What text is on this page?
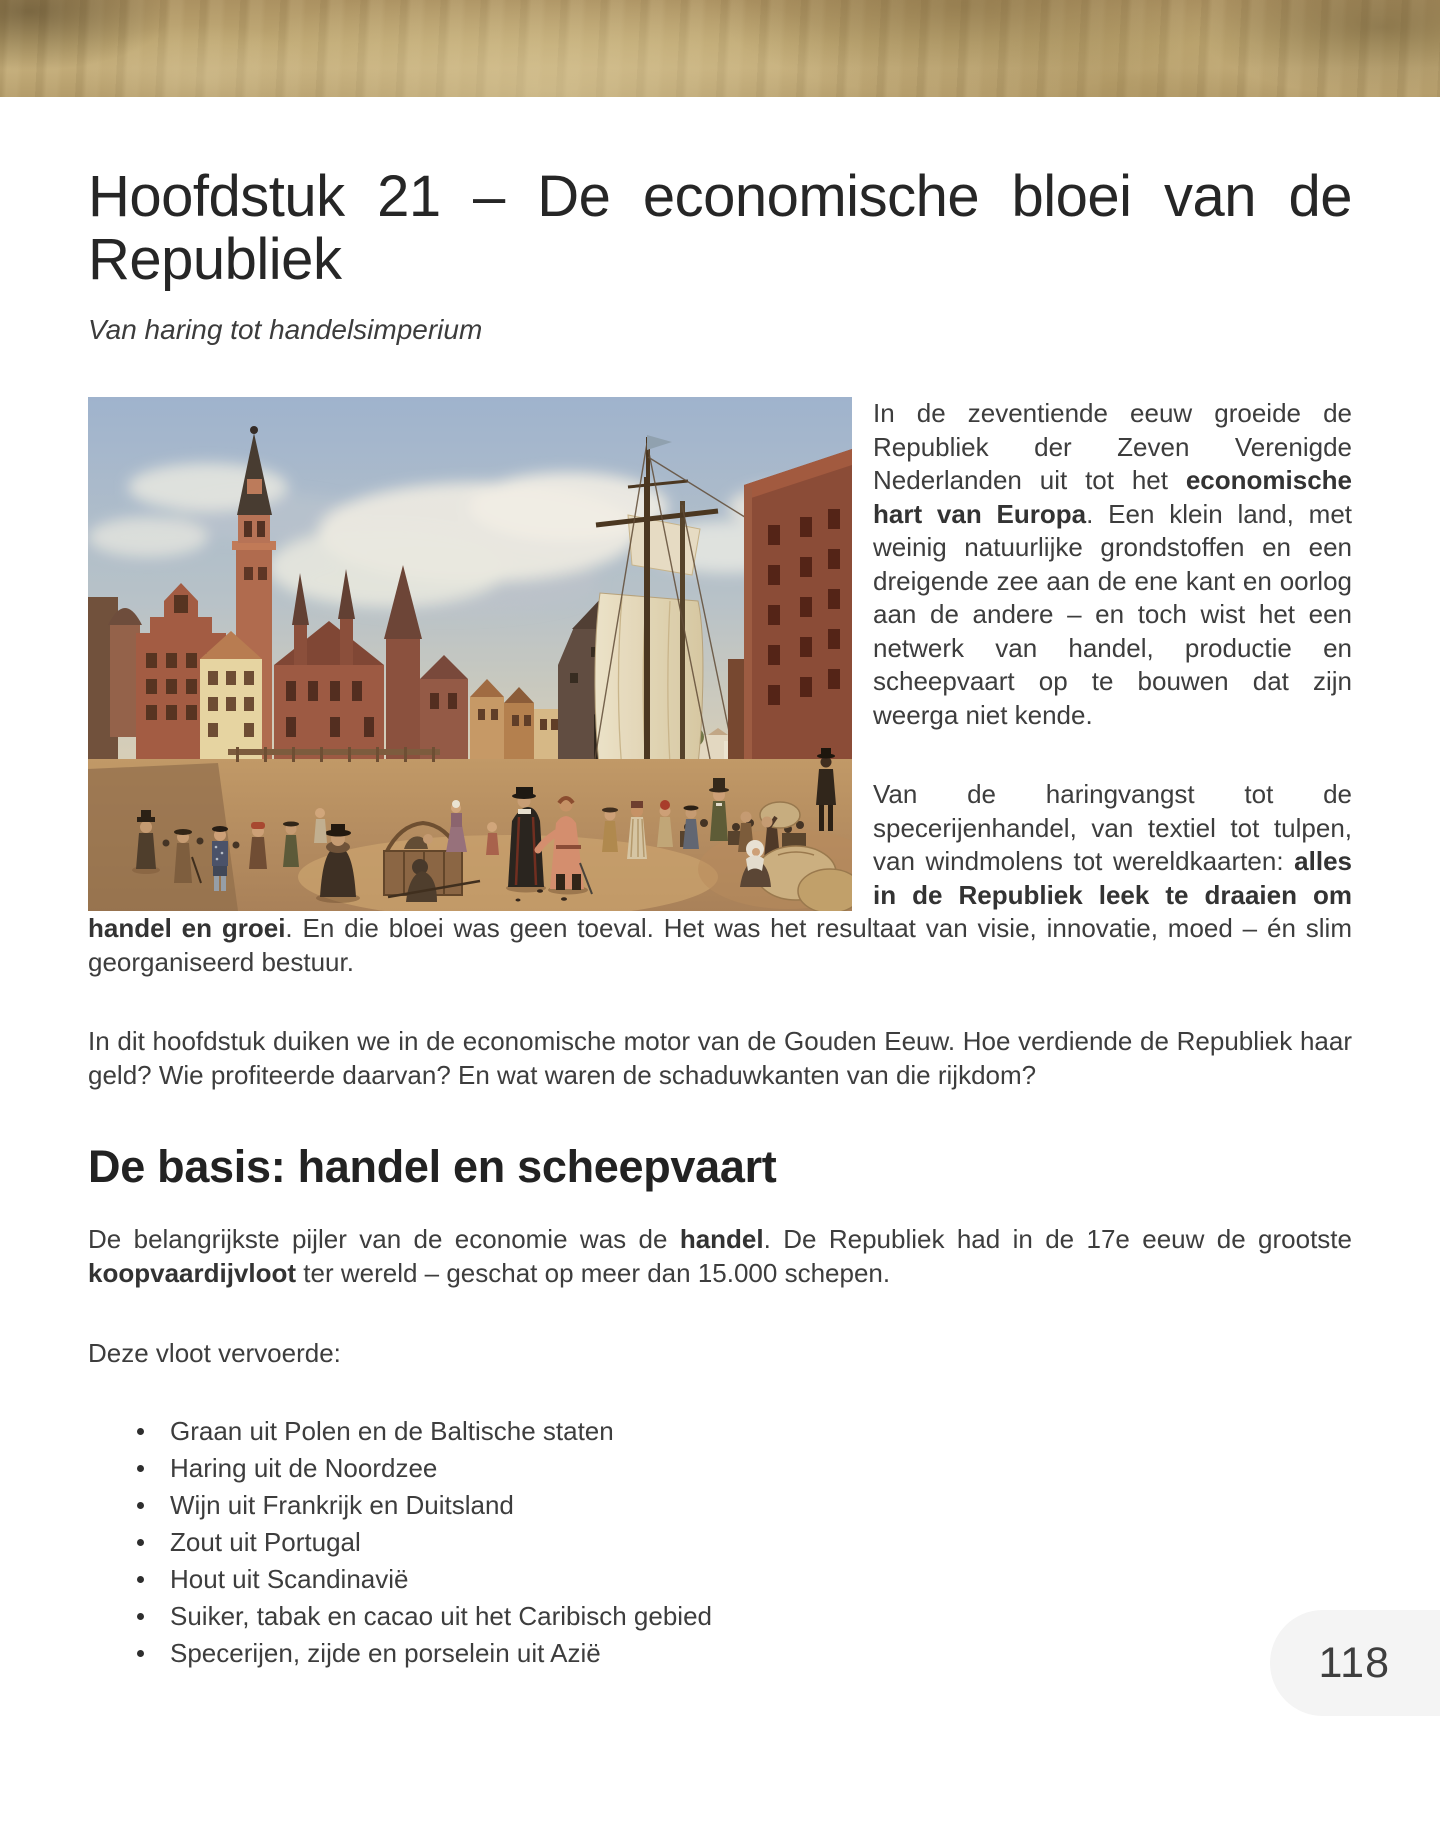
Hoofdstuk 21 – De economische bloei van de Republiek
Van haring tot handelsimperium

In de zeventiende eeuw groeide de Republiek der Zeven Verenigde Nederlanden uit tot het economische hart van Europa. Een klein land, met weinig natuurlijke grondstoffen en een dreigende zee aan de ene kant en oorlog aan de andere – en toch wist het een netwerk van handel, productie en scheepvaart op te bouwen dat zijn weerga niet kende.

Van de haringvangst tot de specerijenhandel, van textiel tot tulpen, van windmolens tot wereldkaarten: alles in de Republiek leek te draaien om handel en groei. En die bloei was geen toeval. Het was het resultaat van visie, innovatie, moed – én slim georganiseerd bestuur.

In dit hoofdstuk duiken we in de economische motor van de Gouden Eeuw. Hoe verdiende de Republiek haar geld? Wie profiteerde daarvan? En wat waren de schaduwkanten van die rijkdom?

De basis: handel en scheepvaart

De belangrijkste pijler van de economie was de handel. De Republiek had in de 17e eeuw de grootste koopvaardijvloot ter wereld – geschat op meer dan 15.000 schepen.

Deze vloot vervoerde:

Graan uit Polen en de Baltische staten
Haring uit de Noordzee
Wijn uit Frankrijk en Duitsland
Zout uit Portugal
Hout uit Scandinavië
Suiker, tabak en cacao uit het Caribisch gebied
Specerijen, zijde en porselein uit Azië	118
